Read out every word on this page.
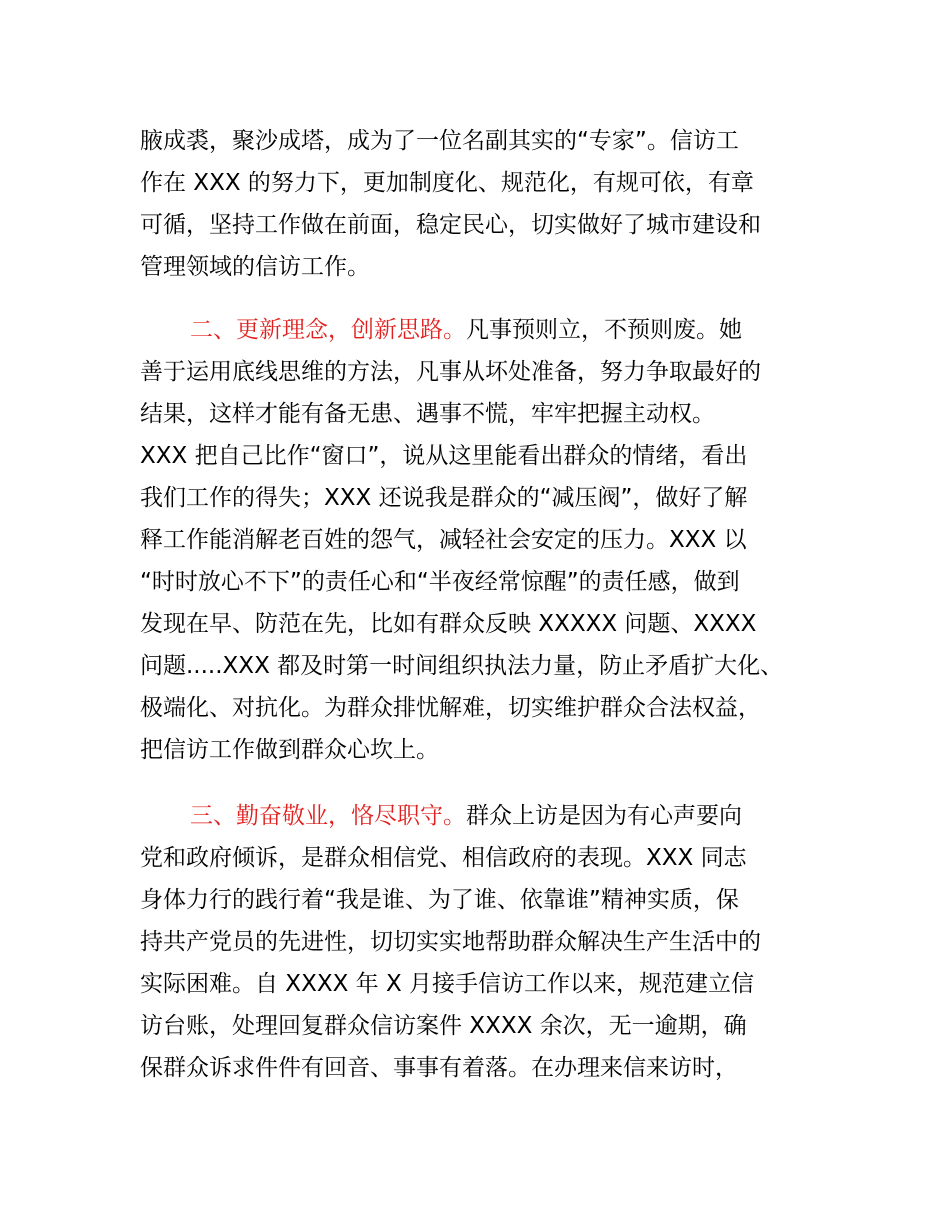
腋成裘，聚沙成塔，成为了一位名副其实的“专家”。信访工
作在 XXX 的努力下，更加制度化、规范化，有规可依，有章
可循，坚持工作做在前面，稳定民心，切实做好了城市建设和
管理领域的信访工作。
二、更新理念，创新思路。凡事预则立，不预则废。她
善于运用底线思维的方法，凡事从坏处准备，努力争取最好的
结果，这样才能有备无患、遇事不慌，牢牢把握主动权。
XXX 把自己比作“窗口”，说从这里能看出群众的情绪，看出
我们工作的得失；XXX 还说我是群众的“减压阀”，做好了解
释工作能消解老百姓的怨气，减轻社会安定的压力。XXX 以
“时时放心不下”的责任心和“半夜经常惊醒”的责任感，做到
发现在早、防范在先，比如有群众反映 XXXXX 问题、XXXX
问题.....XXX 都及时第一时间组织执法力量，防止矛盾扩大化、
极端化、对抗化。为群众排忧解难，切实维护群众合法权益，
把信访工作做到群众心坎上。
三、勤奋敬业，恪尽职守。群众上访是因为有心声要向
党和政府倾诉，是群众相信党、相信政府的表现。XXX 同志
身体力行的践行着“我是谁、为了谁、依靠谁”精神实质，保
持共产党员的先进性，切切实实地帮助群众解决生产生活中的
实际困难。自 XXXX 年 X 月接手信访工作以来，规范建立信
访台账，处理回复群众信访案件 XXXX 余次，无一逾期，确
保群众诉求件件有回音、事事有着落。在办理来信来访时，
